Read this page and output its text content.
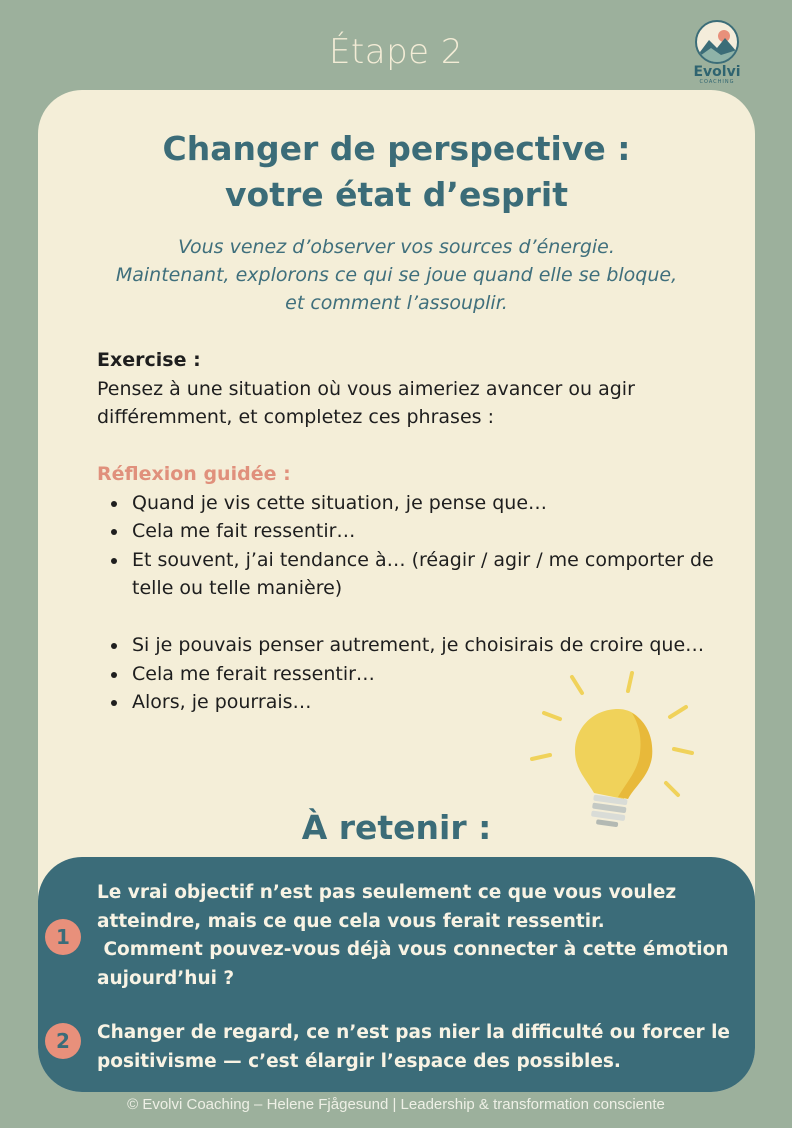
Étape 2	Evolvi
COACHING
Changer de perspective :
votre état d’esprit
Vous venez d’observer vos sources d’énergie.
Maintenant, explorons ce qui se joue quand elle se bloque,
et comment l’assouplir.
Exercise :
Pensez à une situation où vous aimeriez avancer ou agir différemment, et completez ces phrases :
Réflexion guidée :
Quand je vis cette situation, je pense que…
Cela me fait ressentir…
Et souvent, j’ai tendance à… (réagir / agir / me comporter de telle ou telle manière)
Si je pouvais penser autrement, je choisirais de croire que…
Cela me ferait ressentir…
Alors, je pourrais…
À retenir :
1
Le vrai objectif n’est pas seulement ce que vous voulez
atteindre, mais ce que cela vous ferait ressentir.
Comment pouvez-vous déjà vous connecter à cette émotion
aujourd’hui ?
2	Changer de regard, ce n’est pas nier la difficulté ou forcer le
positivisme — c’est élargir l’espace des possibles.
© Evolvi Coaching – Helene Fjågesund | Leadership & transformation consciente
